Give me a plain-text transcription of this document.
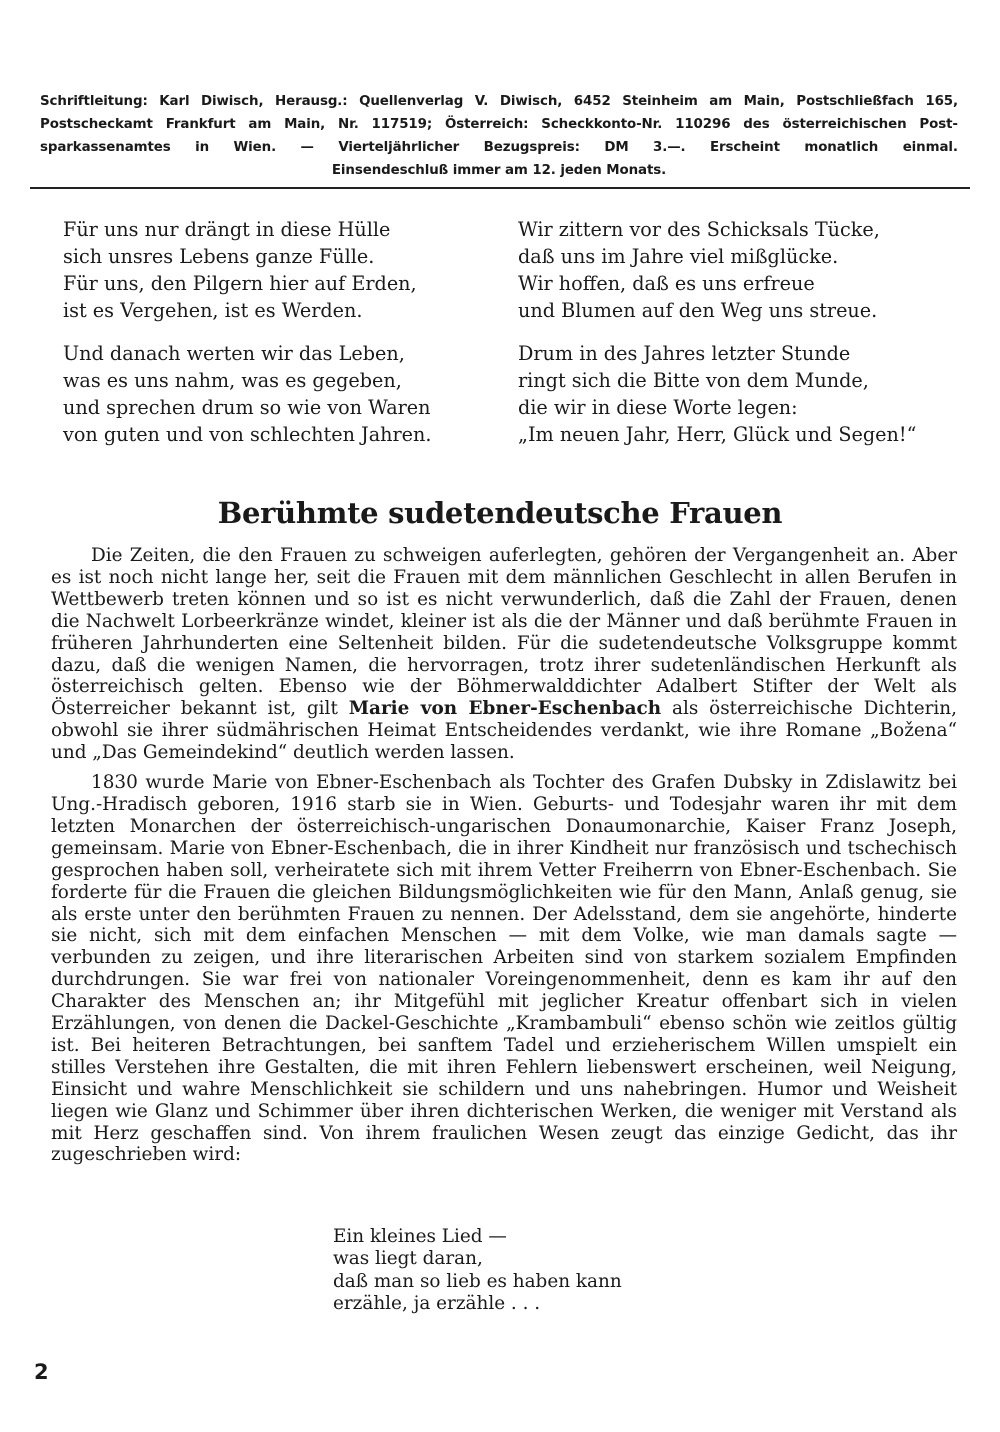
Schriftleitung: Karl Diwisch, Herausg.: Quellenverlag V. Diwisch, 6452 Steinheim am Main, Postschließfach 165,
Postscheckamt Frankfurt am Main, Nr. 117519; Österreich: Scheckkonto-Nr. 110296 des österreichischen Post-
sparkassenamtes in Wien. — Vierteljährlicher Bezugspreis: DM 3.—. Erscheint monatlich einmal.
Einsendeschluß immer am 12. jeden Monats.
Für uns nur drängt in diese Hülle
sich unsres Lebens ganze Fülle.
Für uns, den Pilgern hier auf Erden,
ist es Vergehen, ist es Werden.
Und danach werten wir das Leben,
was es uns nahm, was es gegeben,
und sprechen drum so wie von Waren
von guten und von schlechten Jahren.
Wir zittern vor des Schicksals Tücke,
daß uns im Jahre viel mißglücke.
Wir hoffen, daß es uns erfreue
und Blumen auf den Weg uns streue.
Drum in des Jahres letzter Stunde
ringt sich die Bitte von dem Munde,
die wir in diese Worte legen:
„Im neuen Jahr, Herr, Glück und Segen!“
Berühmte sudetendeutsche Frauen

Die Zeiten, die den Frauen zu schweigen auferlegten, gehören der Vergangenheit an. Aber es ist noch nicht lange her, seit die Frauen mit dem männlichen Geschlecht in allen Berufen in Wettbewerb treten können und so ist es nicht verwunderlich, daß die Zahl der Frauen, denen die Nachwelt Lorbeerkränze windet, kleiner ist als die der Männer und daß berühmte Frauen in früheren Jahrhunderten eine Seltenheit bilden. Für die sudetendeutsche Volksgruppe kommt dazu, daß die wenigen Namen, die hervorragen, trotz ihrer sudetenländischen Herkunft als österreichisch gelten. Ebenso wie der Böhmerwalddichter Adalbert Stifter der Welt als Österreicher bekannt ist, gilt Marie von Ebner-Eschenbach als österreichische Dichterin, obwohl sie ihrer südmährischen Heimat Entscheidendes verdankt, wie ihre Romane „Božena“ und „Das Gemeindekind“ deutlich werden lassen.

1830 wurde Marie von Ebner-Eschenbach als Tochter des Grafen Dubsky in Zdislawitz bei Ung.-Hradisch geboren, 1916 starb sie in Wien. Geburts- und Todesjahr waren ihr mit dem letzten Monarchen der österreichisch-ungarischen Donaumonarchie, Kaiser Franz Joseph, gemeinsam. Marie von Ebner-Eschenbach, die in ihrer Kindheit nur französisch und tschechisch gesprochen haben soll, verheiratete sich mit ihrem Vetter Freiherrn von Ebner-Eschenbach. Sie forderte für die Frauen die gleichen Bildungsmöglichkeiten wie für den Mann, Anlaß genug, sie als erste unter den berühmten Frauen zu nennen. Der Adelsstand, dem sie angehörte, hinderte sie nicht, sich mit dem einfachen Menschen — mit dem Volke, wie man damals sagte — verbunden zu zeigen, und ihre literarischen Arbeiten sind von starkem sozialem Empfinden durchdrungen. Sie war frei von nationaler Voreingenommenheit, denn es kam ihr auf den Charakter des Menschen an; ihr Mitgefühl mit jeglicher Kreatur offenbart sich in vielen Erzählungen, von denen die Dackel-Geschichte „Krambambuli“ ebenso schön wie zeitlos gültig ist. Bei heiteren Betrachtungen, bei sanftem Tadel und erzieherischem Willen umspielt ein stilles Verstehen ihre Gestalten, die mit ihren Fehlern liebenswert erscheinen, weil Neigung, Einsicht und wahre Menschlichkeit sie schildern und uns nahebringen. Humor und Weisheit liegen wie Glanz und Schimmer über ihren dichterischen Werken, die weniger mit Verstand als mit Herz geschaffen sind. Von ihrem fraulichen Wesen zeugt das einzige Gedicht, das ihr zugeschrieben wird:

Ein kleines Lied —
was liegt daran,
daß man so lieb es haben kann
erzähle, ja erzähle . . .
2
